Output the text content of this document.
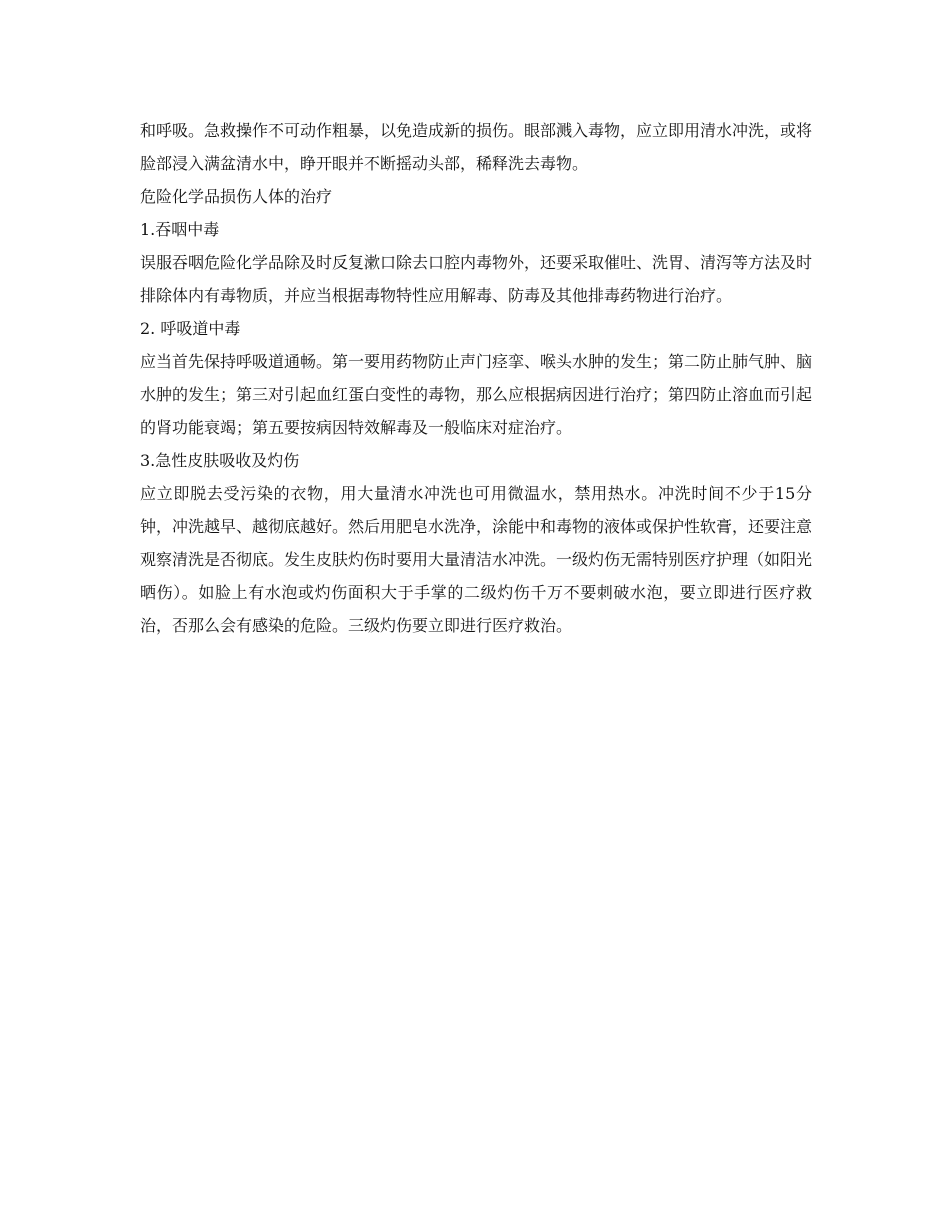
和呼吸。急救操作不可动作粗暴，以免造成新的损伤。眼部溅入毒物，应立即用清水冲洗，或将脸部浸入满盆清水中，睁开眼并不断摇动头部，稀释洗去毒物。

危险化学品损伤人体的治疗

1.吞咽中毒

误服吞咽危险化学品除及时反复漱口除去口腔内毒物外，还要采取催吐、洗胃、清泻等方法及时排除体内有毒物质，并应当根据毒物特性应用解毒、防毒及其他排毒药物进行治疗。

2. 呼吸道中毒

应当首先保持呼吸道通畅。第一要用药物防止声门痉挛、喉头水肿的发生；第二防止肺气肿、脑水肿的发生；第三对引起血红蛋白变性的毒物，那么应根据病因进行治疗；第四防止溶血而引起的肾功能衰竭；第五要按病因特效解毒及一般临床对症治疗。

3.急性皮肤吸收及灼伤

应立即脱去受污染的衣物，用大量清水冲洗也可用微温水，禁用热水。冲洗时间不少于15分钟，冲洗越早、越彻底越好。然后用肥皂水洗净，涂能中和毒物的液体或保护性软膏，还要注意观察清洗是否彻底。发生皮肤灼伤时要用大量清洁水冲洗。一级灼伤无需特别医疗护理（如阳光晒伤）。如脸上有水泡或灼伤面积大于手掌的二级灼伤千万不要刺破水泡，要立即进行医疗救治，否那么会有感染的危险。三级灼伤要立即进行医疗救治。
